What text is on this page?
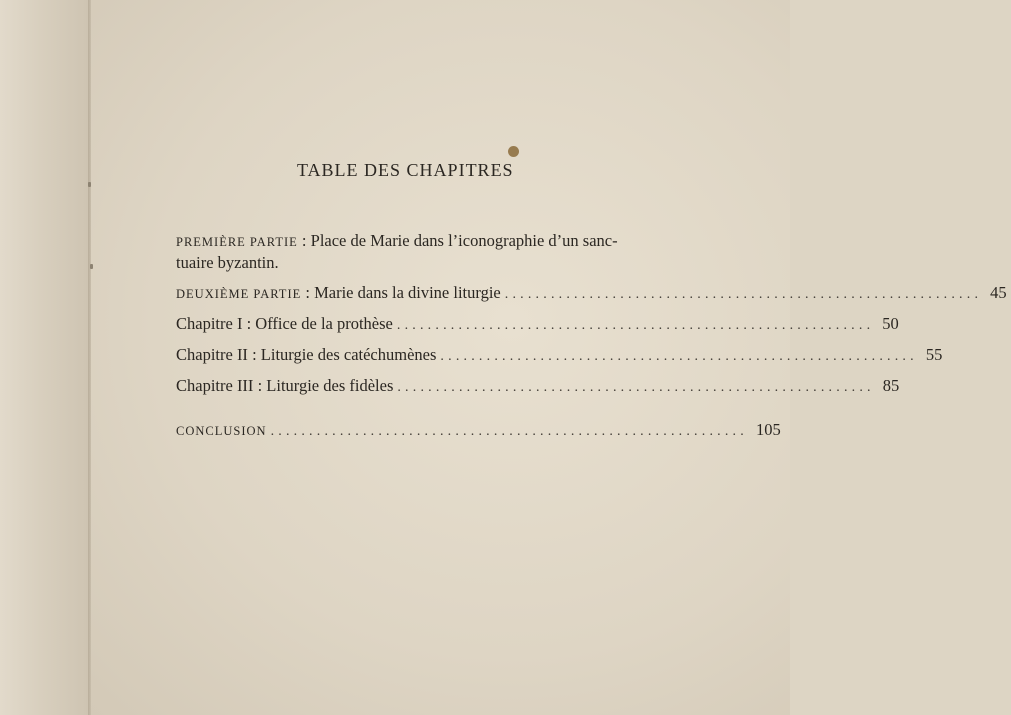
TABLE DES CHAPITRES
PREMIÈRE PARTIE : Place de Marie dans l’iconographie d’un sanc-
tuaire byzantin.
DEUXIÈME PARTIE : Marie dans la divine liturgie .............................................................. 45
Chapitre I : Office de la prothèse .............................................................. 50
Chapitre II : Liturgie des catéchumènes .............................................................. 55
Chapitre III : Liturgie des fidèles .............................................................. 85
CONCLUSION .............................................................. 105
